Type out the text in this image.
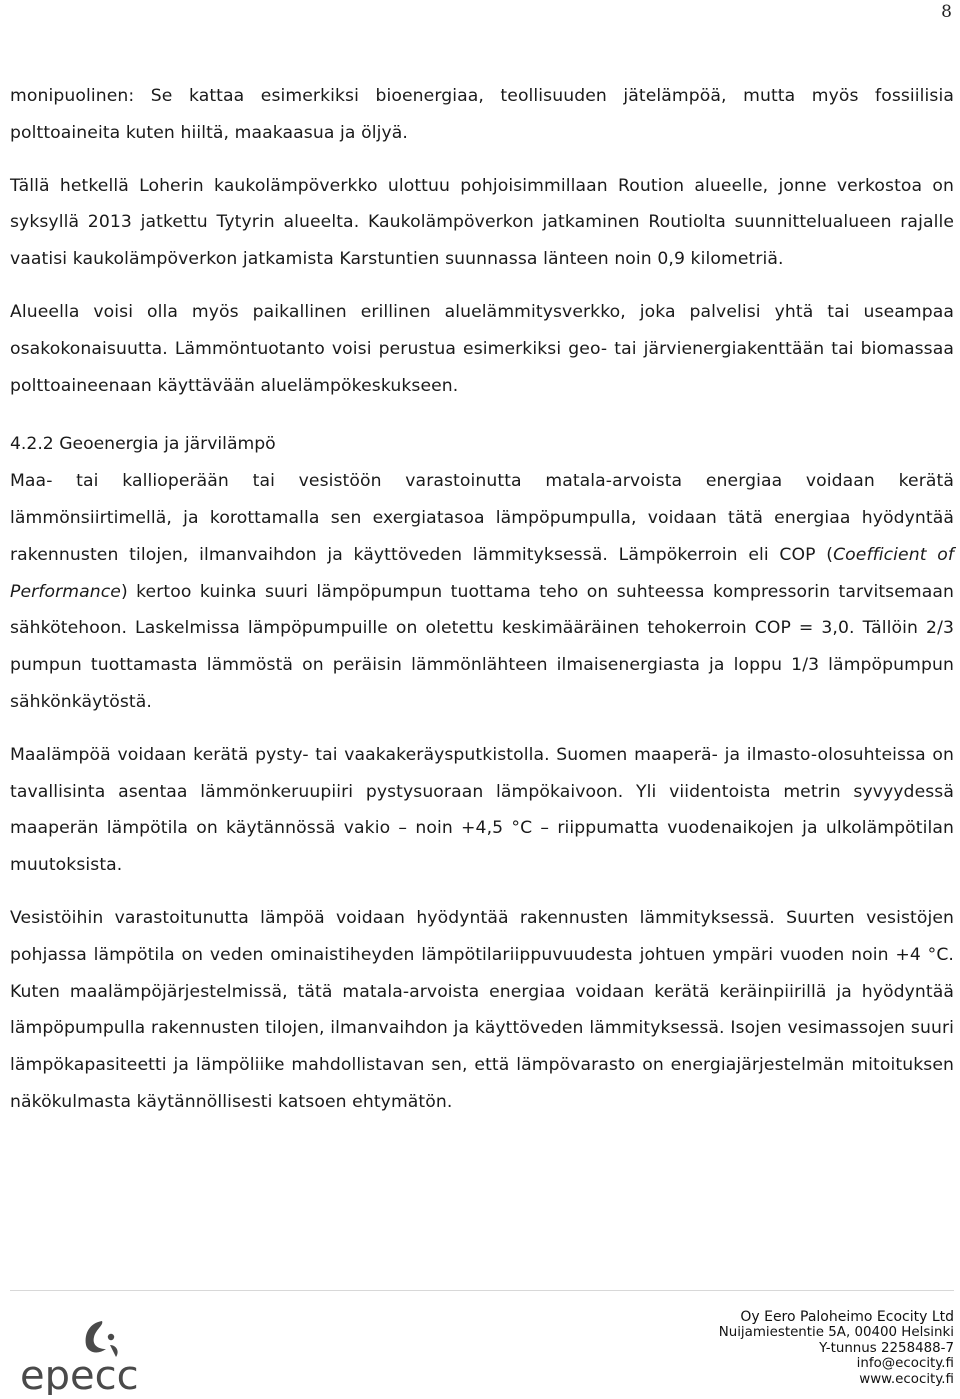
8

monipuolinen: Se kattaa esimerkiksi bioenergiaa, teollisuuden jätelämpöä, mutta myös fossiilisia polttoaineita kuten hiiltä, maakaasua ja öljyä.

Tällä hetkellä Loherin kaukolämpöverkko ulottuu pohjoisimmillaan Roution alueelle, jonne verkostoa on syksyllä 2013 jatkettu Tytyrin alueelta. Kaukolämpöverkon jatkaminen Routiolta suunnittelualueen rajalle vaatisi kaukolämpöverkon jatkamista Karstuntien suunnassa länteen noin 0,9 kilometriä.

Alueella voisi olla myös paikallinen erillinen aluelämmitysverkko, joka palvelisi yhtä tai useampaa osakokonaisuutta. Lämmöntuotanto voisi perustua esimerkiksi geo- tai järvienergiakenttään tai biomassaa polttoaineenaan käyttävään aluelämpökeskukseen.

4.2.2 Geoenergia ja järvilämpö

Maa- tai kallioperään tai vesistöön varastoinutta matala-arvoista energiaa voidaan kerätä lämmönsiirtimellä, ja korottamalla sen exergiatasoa lämpöpumpulla, voidaan tätä energiaa hyödyntää rakennusten tilojen, ilmanvaihdon ja käyttöveden lämmityksessä. Lämpökerroin eli COP (Coefficient of Performance) kertoo kuinka suuri lämpöpumpun tuottama teho on suhteessa kompressorin tarvitsemaan sähkötehoon. Laskelmissa lämpöpumpuille on oletettu keskimääräinen tehokerroin COP = 3,0. Tällöin 2/3 pumpun tuottamasta lämmöstä on peräisin lämmönlähteen ilmaisenergiasta ja loppu 1/3 lämpöpumpun sähkönkäytöstä.

Maalämpöä voidaan kerätä pysty- tai vaakakeräysputkistolla. Suomen maaperä- ja ilmasto-olosuhteissa on tavallisinta asentaa lämmönkeruupiiri pystysuoraan lämpökaivoon. Yli viidentoista metrin syvyydessä maaperän lämpötila on käytännössä vakio – noin +4,5 °C – riippumatta vuodenaikojen ja ulkolämpötilan muutoksista.

Vesistöihin varastoitunutta lämpöä voidaan hyödyntää rakennusten lämmityksessä. Suurten vesistöjen pohjassa lämpötila on veden ominaistiheyden lämpötilariippuvuudesta johtuen ympäri vuoden noin +4 °C. Kuten maalämpöjärjestelmissä, tätä matala-arvoista energiaa voidaan kerätä keräinpiirillä ja hyödyntää lämpöpumpulla rakennusten tilojen, ilmanvaihdon ja käyttöveden lämmityksessä. Isojen vesimassojen suuri lämpökapasiteetti ja lämpöliike mahdollistavan sen, että lämpövarasto on energiajärjestelmän mitoituksen näkökulmasta käytännöllisesti katsoen ehtymätön.

epecc
Oy Eero Paloheimo Ecocity Ltd
Nuijamiestentie 5A, 00400 Helsinki
Y-tunnus 2258488-7
info@ecocity.fi
www.ecocity.fi
